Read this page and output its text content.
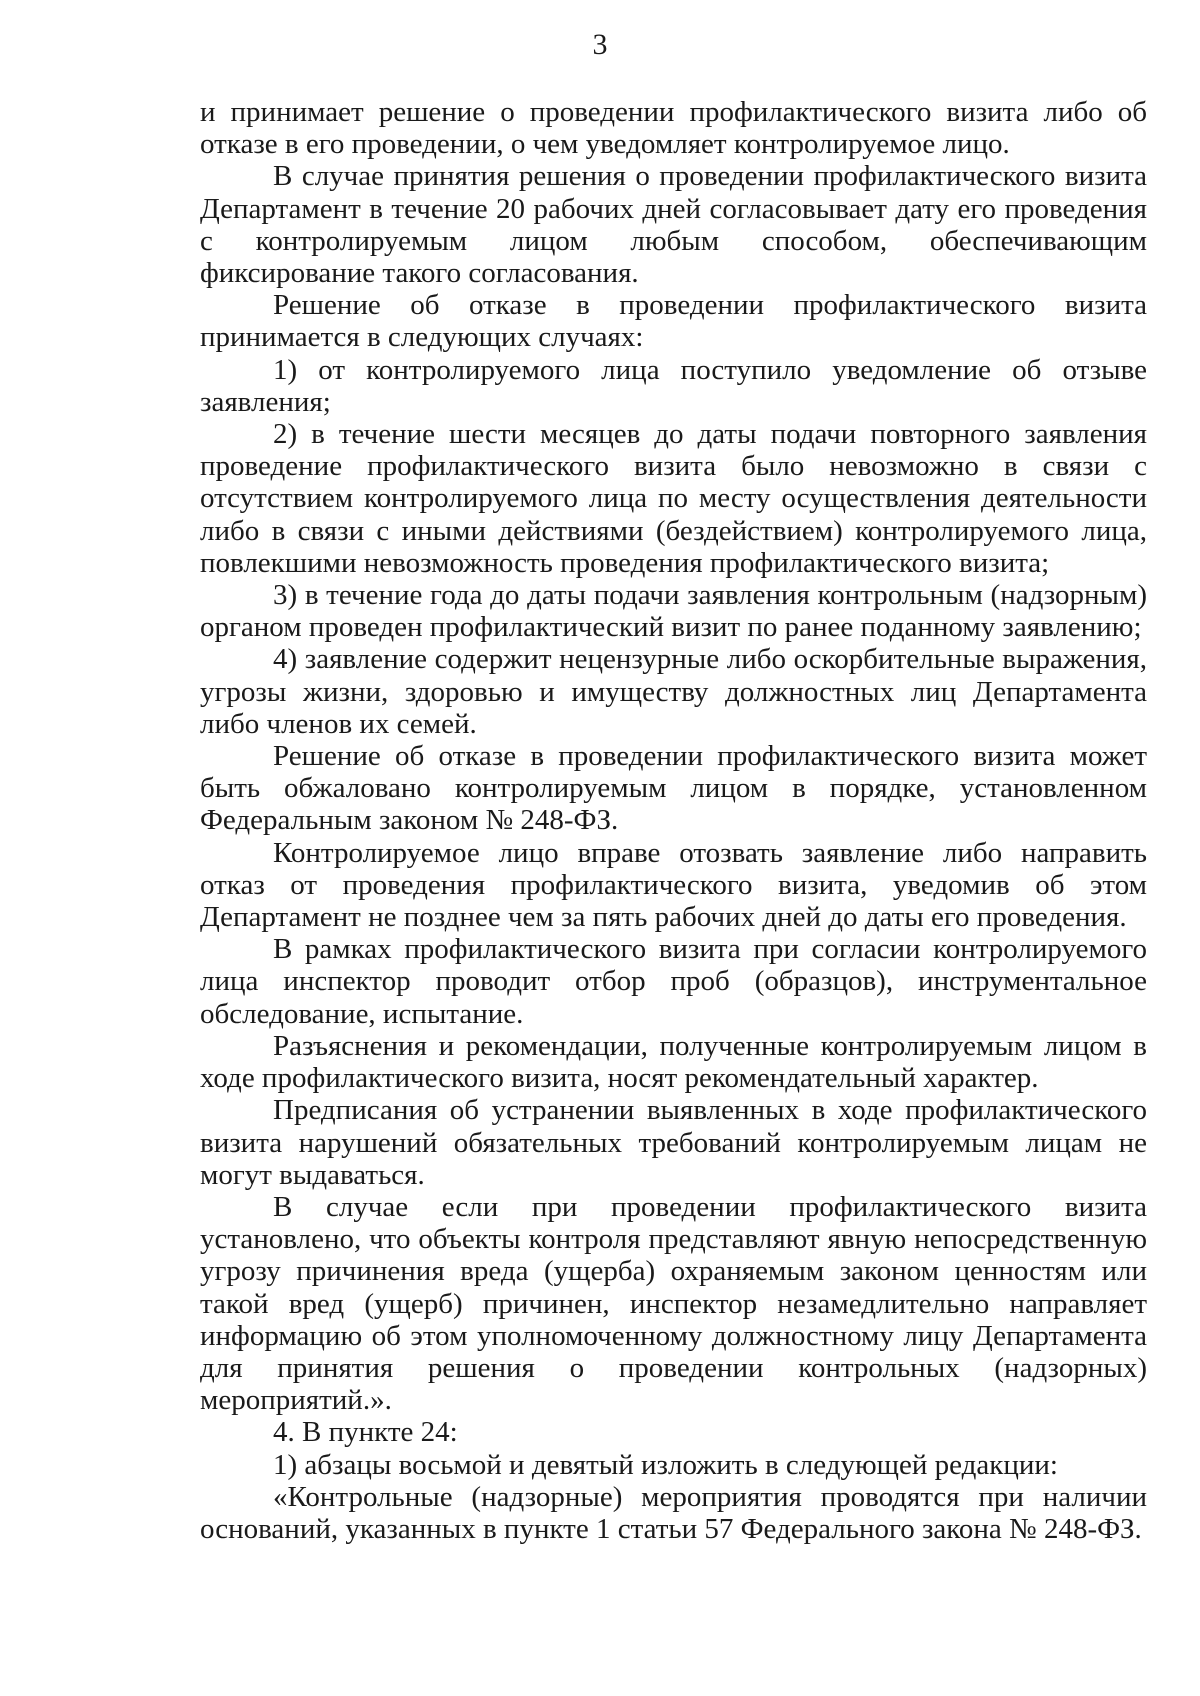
3

и принимает решение о проведении профилактического визита либо об отказе в его проведении, о чем уведомляет контролируемое лицо.

В случае принятия решения о проведении профилактического визита Департамент в течение 20 рабочих дней согласовывает дату его проведения с контролируемым лицом любым способом, обеспечивающим фиксирование такого согласования.

Решение об отказе в проведении профилактического визита принимается в следующих случаях:

1) от контролируемого лица поступило уведомление об отзыве заявления;

2) в течение шести месяцев до даты подачи повторного заявления проведение профилактического визита было невозможно в связи с отсутствием контролируемого лица по месту осуществления деятельности либо в связи с иными действиями (бездействием) контролируемого лица, повлекшими невозможность проведения профилактического визита;

3) в течение года до даты подачи заявления контрольным (надзорным) органом проведен профилактический визит по ранее поданному заявлению;

4) заявление содержит нецензурные либо оскорбительные выражения, угрозы жизни, здоровью и имуществу должностных лиц Департамента либо членов их семей.

Решение об отказе в проведении профилактического визита может быть обжаловано контролируемым лицом в порядке, установленном Федеральным законом № 248-ФЗ.

Контролируемое лицо вправе отозвать заявление либо направить отказ от проведения профилактического визита, уведомив об этом Департамент не позднее чем за пять рабочих дней до даты его проведения.

В рамках профилактического визита при согласии контролируемого лица инспектор проводит отбор проб (образцов), инструментальное обследование, испытание.

Разъяснения и рекомендации, полученные контролируемым лицом в ходе профилактического визита, носят рекомендательный характер.

Предписания об устранении выявленных в ходе профилактического визита нарушений обязательных требований контролируемым лицам не могут выдаваться.

В случае если при проведении профилактического визита установлено, что объекты контроля представляют явную непосредственную угрозу причинения вреда (ущерба) охраняемым законом ценностям или такой вред (ущерб) причинен, инспектор незамедлительно направляет информацию об этом уполномоченному должностному лицу Департамента для принятия решения о проведении контрольных (надзорных) мероприятий.».

4. В пункте 24:

1) абзацы восьмой и девятый изложить в следующей редакции:

«Контрольные (надзорные) мероприятия проводятся при наличии оснований, указанных в пункте 1 статьи 57 Федерального закона № 248-ФЗ.
